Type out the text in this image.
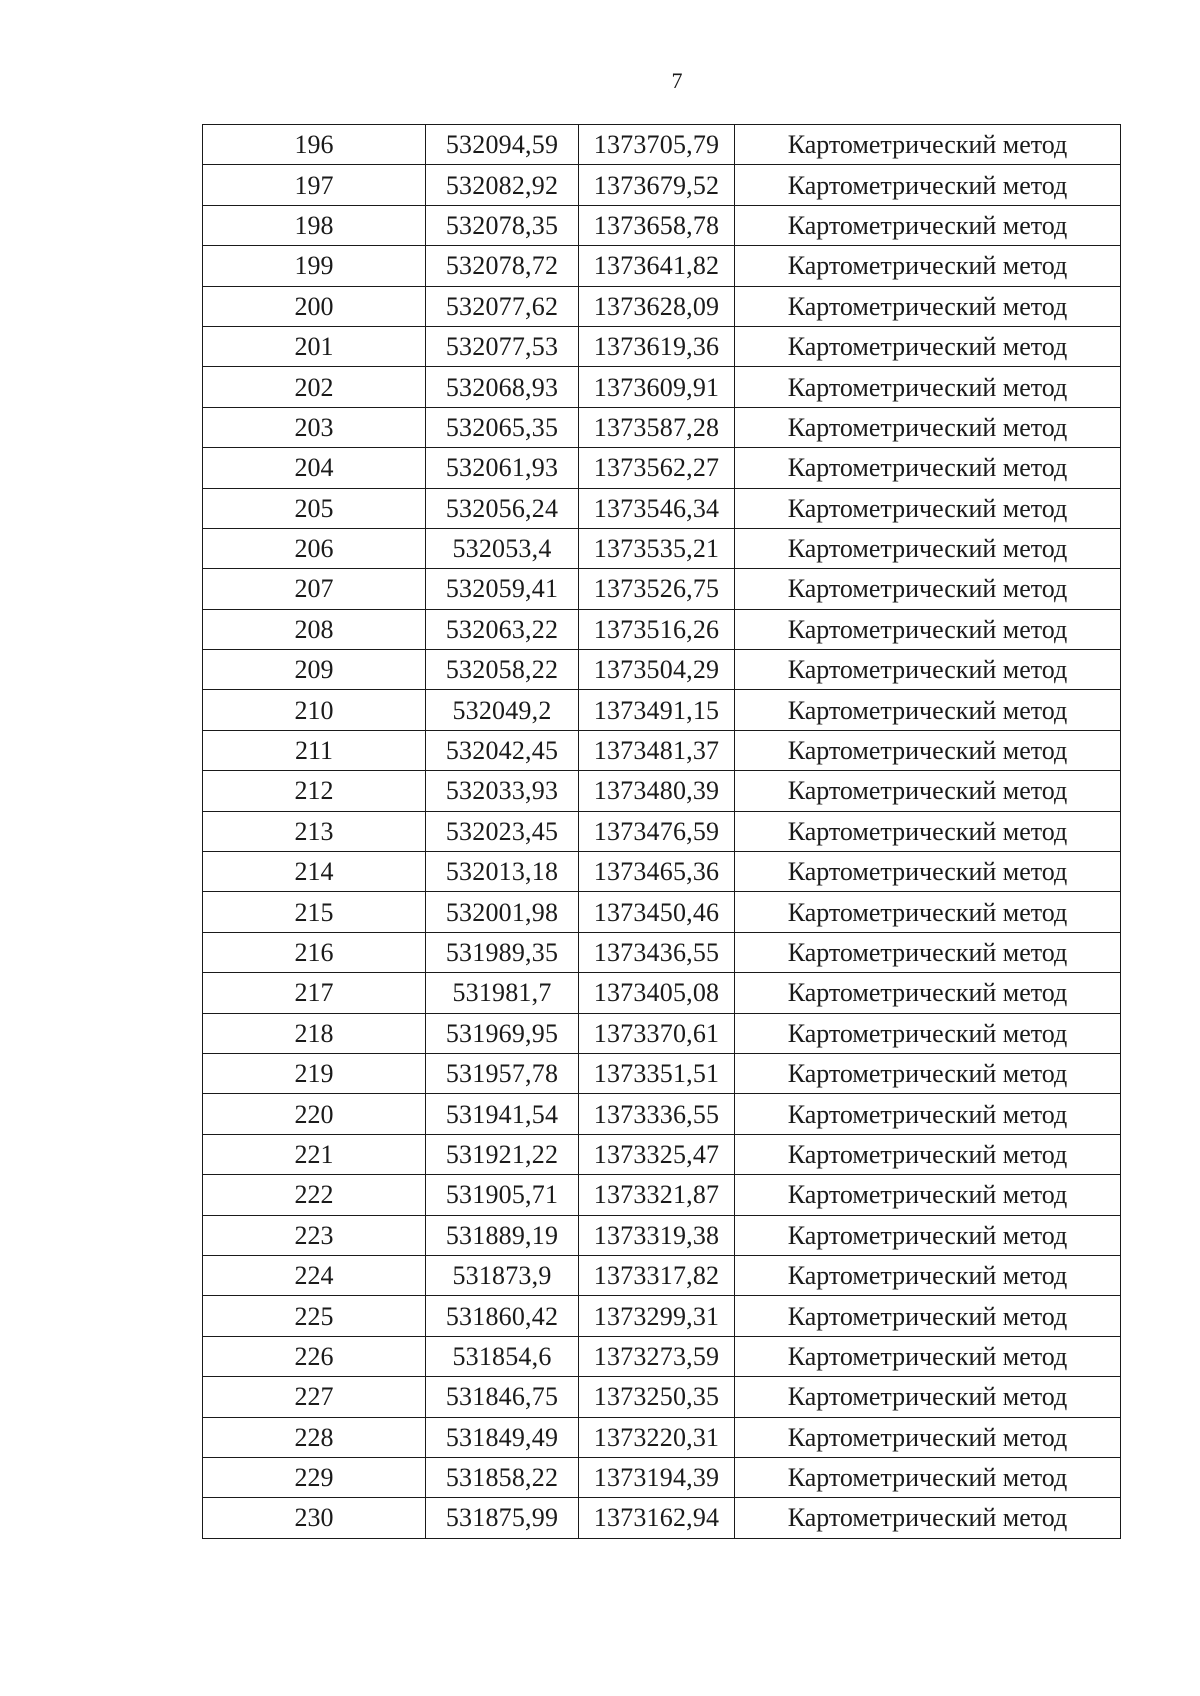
7
196	532094,59	1373705,79	Картометрический метод
197	532082,92	1373679,52	Картометрический метод
198	532078,35	1373658,78	Картометрический метод
199	532078,72	1373641,82	Картометрический метод
200	532077,62	1373628,09	Картометрический метод
201	532077,53	1373619,36	Картометрический метод
202	532068,93	1373609,91	Картометрический метод
203	532065,35	1373587,28	Картометрический метод
204	532061,93	1373562,27	Картометрический метод
205	532056,24	1373546,34	Картометрический метод
206	532053,4	1373535,21	Картометрический метод
207	532059,41	1373526,75	Картометрический метод
208	532063,22	1373516,26	Картометрический метод
209	532058,22	1373504,29	Картометрический метод
210	532049,2	1373491,15	Картометрический метод
211	532042,45	1373481,37	Картометрический метод
212	532033,93	1373480,39	Картометрический метод
213	532023,45	1373476,59	Картометрический метод
214	532013,18	1373465,36	Картометрический метод
215	532001,98	1373450,46	Картометрический метод
216	531989,35	1373436,55	Картометрический метод
217	531981,7	1373405,08	Картометрический метод
218	531969,95	1373370,61	Картометрический метод
219	531957,78	1373351,51	Картометрический метод
220	531941,54	1373336,55	Картометрический метод
221	531921,22	1373325,47	Картометрический метод
222	531905,71	1373321,87	Картометрический метод
223	531889,19	1373319,38	Картометрический метод
224	531873,9	1373317,82	Картометрический метод
225	531860,42	1373299,31	Картометрический метод
226	531854,6	1373273,59	Картометрический метод
227	531846,75	1373250,35	Картометрический метод
228	531849,49	1373220,31	Картометрический метод
229	531858,22	1373194,39	Картометрический метод
230	531875,99	1373162,94	Картометрический метод
